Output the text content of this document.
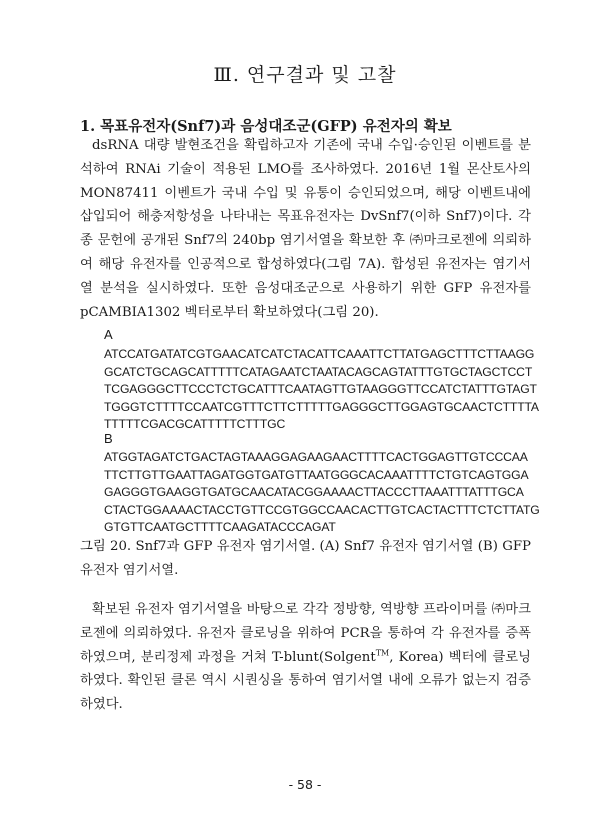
Ⅲ. 연구결과 및 고찰
1. 목표유전자(Snf7)과 음성대조군(GFP) 유전자의 확보

dsRNA 대량 발현조건을 확립하고자 기존에 국내 수입·승인된 이벤트를 분석하여 RNAi 기술이 적용된 LMO를 조사하였다. 2016년 1월 몬산토사의 MON87411 이벤트가 국내 수입 및 유통이 승인되었으며, 해당 이벤트내에 삽입되어 해충저항성을 나타내는 목표유전자는 DvSnf7(이하 Snf7)이다. 각종 문헌에 공개된 Snf7의 240bp 염기서열을 확보한 후 ㈜마크로젠에 의뢰하여 해당 유전자를 인공적으로 합성하였다(그림 7A). 합성된 유전자는 염기서열 분석을 실시하였다. 또한 음성대조군으로 사용하기 위한 GFP 유전자를 pCAMBIA1302 벡터로부터 확보하였다(그림 20).

A
ATCCATGATATCGTGAACATCATCTACATTCAAATTCTTATGAGCTTTCTTAAGG
GCATCTGCAGCATTTTTCATAGAATCTAATACAGCAGTATTTGTGCTAGCTCCT
TCGAGGGCTTCCCTCTGCATTTCAATAGTTGTAAGGGTTCCATCTATTTGTAGT
TGGGTCTTTTCCAATCGTTTCTTCTTTTTGAGGGCTTGGAGTGCAACTCTTTTA
TTTTTCGACGCATTTTTCTTTGC
B
ATGGTAGATCTGACTAGTAAAGGAGAAGAACTTTTCACTGGAGTTGTCCCAA
TTCTTGTTGAATTAGATGGTGATGTTAATGGGCACAAATTTTCTGTCAGTGGA
GAGGGTGAAGGTGATGCAACATACGGAAAACTTACCCTTAAATTTATTTGCA
CTACTGGAAAACTACCTGTTCCGTGGCCAACACTTGTCACTACTTTCTCTTATG
GTGTTCAATGCTTTTCAAGATACCCAGAT

그림 20. Snf7과 GFP 유전자 염기서열. (A) Snf7 유전자 염기서열 (B) GFP 유전자 염기서열.

확보된 유전자 염기서열을 바탕으로 각각 정방향, 역방향 프라이머를 ㈜마크로젠에 의뢰하였다. 유전자 클로닝을 위하여 PCR을 통하여 각 유전자를 증폭하였으며, 분리정제 과정을 거쳐 T-blunt(Solgent™, Korea) 벡터에 클로닝하였다. 확인된 클론 역시 시퀀싱을 통하여 염기서열 내에 오류가 없는지 검증하였다.

- 58 -
